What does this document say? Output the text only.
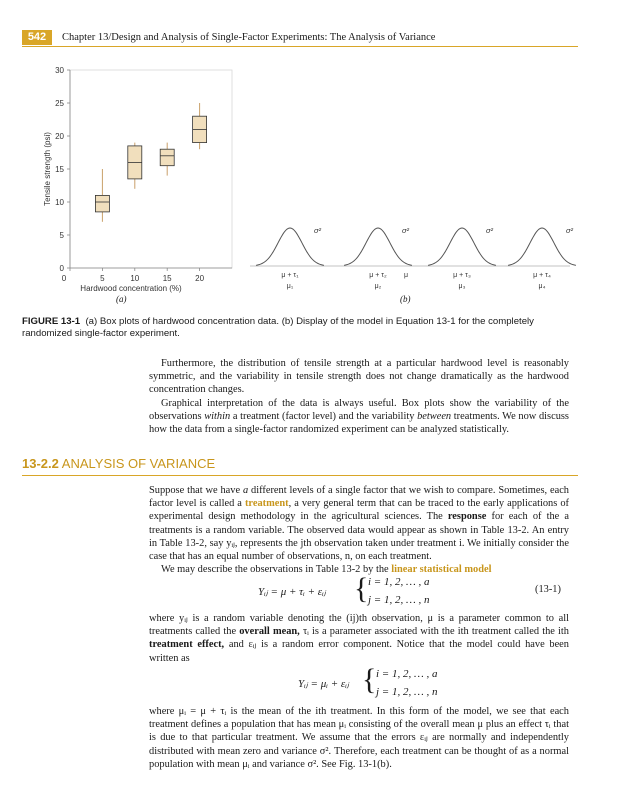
542	Chapter 13/Design and Analysis of Single-Factor Experiments: The Analysis of Variance
0
5
10
15
20
25
30
0	5	10	15	20
Hardwood concentration (%)
Tensile strength (psi)
(a)
σ²
μ + τ₁
μ₁
σ²
μ + τ₂
μ₂
σ²
μ + τ₃
μ₃
σ²
μ + τ₄
μ₄
μ
(b)
FIGURE 13-1 (a) Box plots of hardwood concentration data. (b) Display of the model in Equation 13-1 for the completely randomized single-factor experiment.

Furthermore, the distribution of tensile strength at a particular hardwood level is reasonably symmetric, and the variability in tensile strength does not change dramatically as the hardwood concentration changes.

Graphical interpretation of the data is always useful. Box plots show the variability of the observations within a treatment (factor level) and the variability between treatments. We now discuss how the data from a single-factor randomized experiment can be analyzed statistically.

13-2.2 ANALYSIS OF VARIANCE

Suppose that we have a different levels of a single factor that we wish to compare. Sometimes, each factor level is called a treatment, a very general term that can be traced to the early applications of experimental design methodology in the agricultural sciences. The response for each of the a treatments is a random variable. The observed data would appear as shown in Table 13-2. An entry in Table 13-2, say yᵢⱼ, represents the jth observation taken under treatment i. We initially consider the case that has an equal number of observations, n, on each treatment.

We may describe the observations in Table 13-2 by the linear statistical model

Yᵢⱼ = μ + τᵢ + εᵢⱼ { i = 1, 2, … , a
j = 1, 2, … , n
(13-1)

where yᵢⱼ is a random variable denoting the (ij)th observation, μ is a parameter common to all treatments called the overall mean, τᵢ is a parameter associated with the ith treatment called the ith treatment effect, and εᵢⱼ is a random error component. Notice that the model could have been written as

Yᵢⱼ = μᵢ + εᵢⱼ { i = 1, 2, … , a
j = 1, 2, … , n

where μᵢ = μ + τᵢ is the mean of the ith treatment. In this form of the model, we see that each treatment defines a population that has mean μᵢ consisting of the overall mean μ plus an effect τᵢ that is due to that particular treatment. We assume that the errors εᵢⱼ are normally and independently distributed with mean zero and variance σ². Therefore, each treatment can be thought of as a normal population with mean μᵢ and variance σ². See Fig. 13-1(b).
